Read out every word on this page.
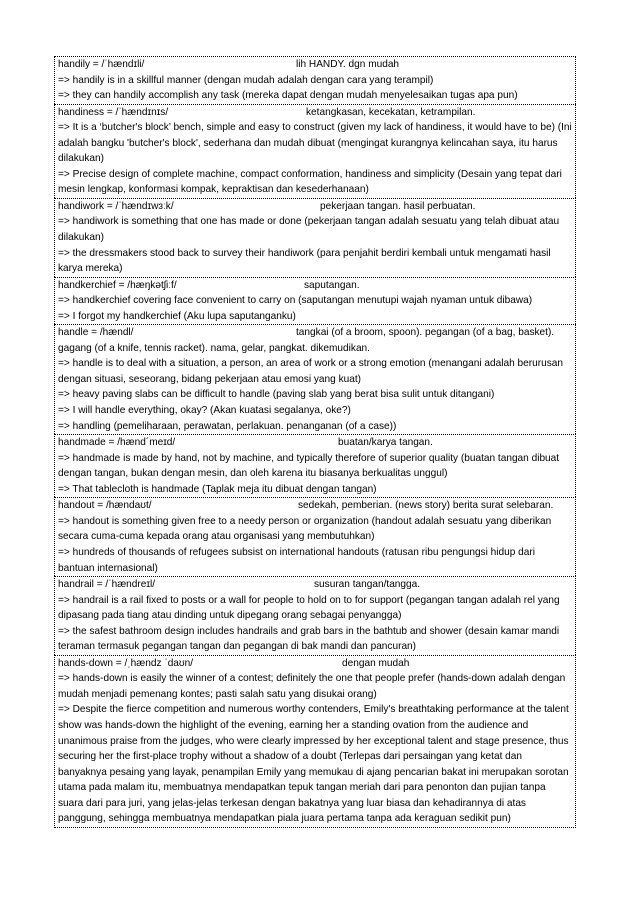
handily = /ˈhændɪli/	lih HANDY. dgn mudah
=> handily is in a skillful manner (dengan mudah adalah dengan cara yang terampil)
=> they can handily accomplish any task (mereka dapat dengan mudah menyelesaikan tugas apa pun)
handiness = /ˈhændɪnɪs/	ketangkasan, kecekatan, ketrampilan.
=> It is a ‘butcher's block’ bench, simple and easy to construct (given my lack of handiness, it would have to be) (Ini adalah bangku 'butcher's block', sederhana dan mudah dibuat (mengingat kurangnya kelincahan saya, itu harus dilakukan)
=> Precise design of complete machine, compact conformation, handiness and simplicity (Desain yang tepat dari mesin lengkap, konformasi kompak, kepraktisan dan kesederhanaan)
handiwork = /ˈhændɪwɜːk/	pekerjaan tangan. hasil perbuatan.
=> handiwork is something that one has made or done (pekerjaan tangan adalah sesuatu yang telah dibuat atau dilakukan)
=> the dressmakers stood back to survey their handiwork (para penjahit berdiri kembali untuk mengamati hasil karya mereka)
handkerchief = /hæŋkətʃiːf/	saputangan.
=> handkerchief covering face convenient to carry on (saputangan menutupi wajah nyaman untuk dibawa)
=> I forgot my handkerchief (Aku lupa saputanganku)
handle = /hændl/	tangkai (of a broom, spoon). pegangan (of a bag, basket).
gagang (of a knife, tennis racket). nama, gelar, pangkat. dikemudikan.
=> handle is to deal with a situation, a person, an area of work or a strong emotion (menangani adalah berurusan dengan situasi, seseorang, bidang pekerjaan atau emosi yang kuat)
=> heavy paving slabs can be difficult to handle (paving slab yang berat bisa sulit untuk ditangani)
=> I will handle everything, okay? (Akan kuatasi segalanya, oke?)
=> handling (pemeliharaan, perawatan, perlakuan. penanganan (of a case))
handmade = /hænd´meɪd/	buatan/karya tangan.
=> handmade is made by hand, not by machine, and typically therefore of superior quality (buatan tangan dibuat dengan tangan, bukan dengan mesin, dan oleh karena itu biasanya berkualitas unggul)
=> That tablecloth is handmade (Taplak meja itu dibuat dengan tangan)
handout = /hændaʊt/	sedekah, pemberian. (news story) berita surat selebaran.
=> handout is something given free to a needy person or organization (handout adalah sesuatu yang diberikan secara cuma-cuma kepada orang atau organisasi yang membutuhkan)
=> hundreds of thousands of refugees subsist on international handouts (ratusan ribu pengungsi hidup dari bantuan internasional)
handrail = /ˈhændreɪl/	susuran tangan/tangga.
=> handrail is a rail fixed to posts or a wall for people to hold on to for support (pegangan tangan adalah rel yang dipasang pada tiang atau dinding untuk dipegang orang sebagai penyangga)
=> the safest bathroom design includes handrails and grab bars in the bathtub and shower (desain kamar mandi teraman termasuk pegangan tangan dan pegangan di bak mandi dan pancuran)
hands-down = /ˌhændz ˈdaʊn/	dengan mudah
=> hands-down is easily the winner of a contest; definitely the one that people prefer (hands-down adalah dengan mudah menjadi pemenang kontes; pasti salah satu yang disukai orang)
=> Despite the fierce competition and numerous worthy contenders, Emily's breathtaking performance at the talent show was hands-down the highlight of the evening, earning her a standing ovation from the audience and unanimous praise from the judges, who were clearly impressed by her exceptional talent and stage presence, thus securing her the first-place trophy without a shadow of a doubt (Terlepas dari persaingan yang ketat dan banyaknya pesaing yang layak, penampilan Emily yang memukau di ajang pencarian bakat ini merupakan sorotan utama pada malam itu, membuatnya mendapatkan tepuk tangan meriah dari para penonton dan pujian tanpa suara dari para juri, yang jelas-jelas terkesan dengan bakatnya yang luar biasa dan kehadirannya di atas panggung, sehingga membuatnya mendapatkan piala juara pertama tanpa ada keraguan sedikit pun)
